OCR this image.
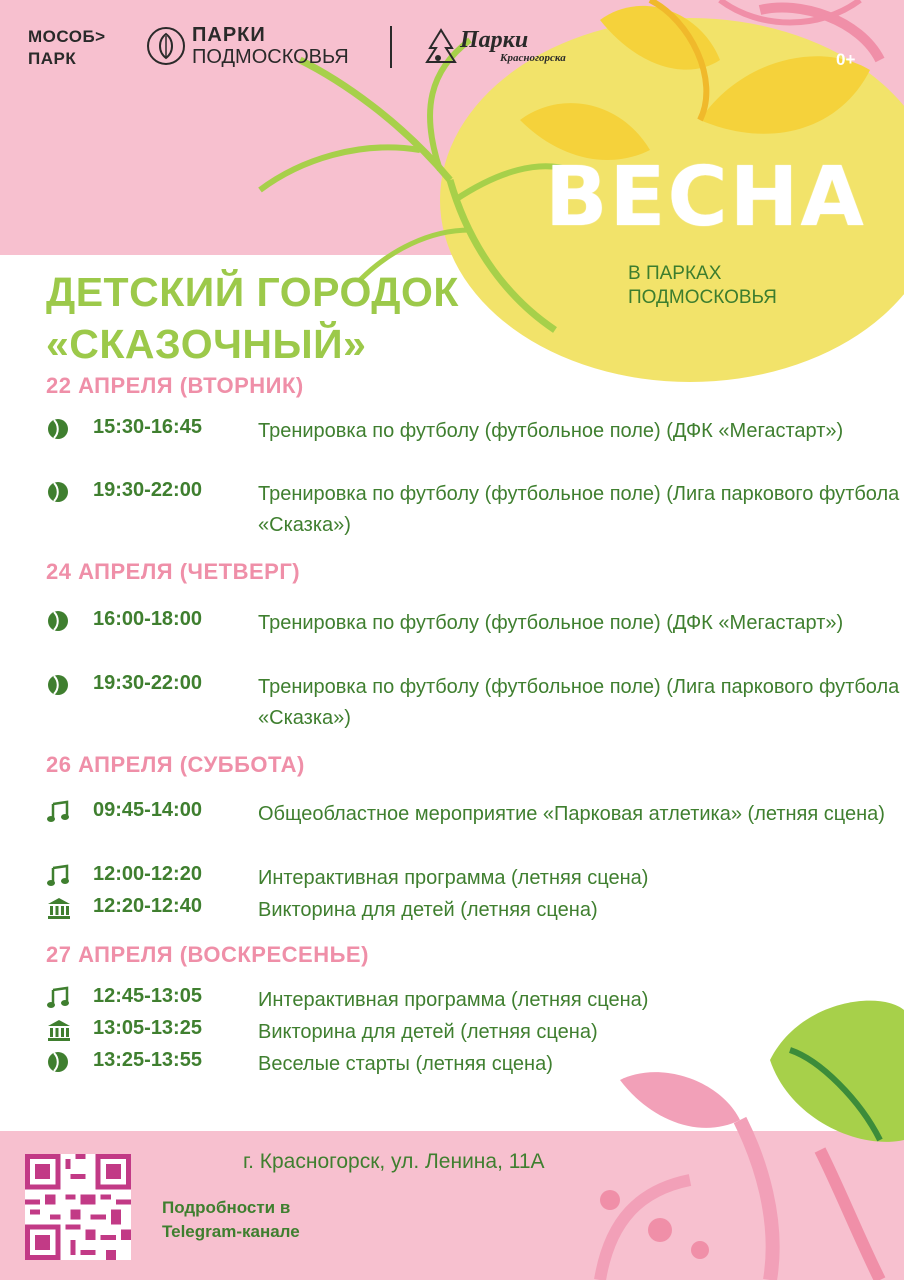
МОСОБ>
ПАРК
ПАРКИ
ПОДМОСКОВЬЯ
Парки
Красногорска	0+
ВЕСНА
В ПАРКАХ
ПОДМОСКОВЬЯ
ДЕТСКИЙ ГОРОДОК
«СКАЗОЧНЫЙ»
22 АПРЕЛЯ (ВТОРНИК)
15:30-16:45	Тренировка по футболу (футбольное поле) (ДФК «Мегастарт»)
19:30-22:00	Тренировка по футболу (футбольное поле) (Лига паркового футбола «Сказка»)
24 АПРЕЛЯ (ЧЕТВЕРГ)
16:00-18:00	Тренировка по футболу (футбольное поле) (ДФК «Мегастарт»)
19:30-22:00	Тренировка по футболу (футбольное поле) (Лига паркового футбола «Сказка»)
26 АПРЕЛЯ (СУББОТА)
09:45-14:00	Общеобластное мероприятие «Парковая атлетика» (летняя сцена)
12:00-12:20	Интерактивная программа (летняя сцена)
12:20-12:40	Викторина для детей (летняя сцена)
27 АПРЕЛЯ (ВОСКРЕСЕНЬЕ)
12:45-13:05	Интерактивная программа (летняя сцена)
13:05-13:25	Викторина для детей (летняя сцена)
13:25-13:55	Веселые старты (летняя сцена)
г. Красногорск, ул. Ленина, 11А
Подробности в
Telegram-канале
